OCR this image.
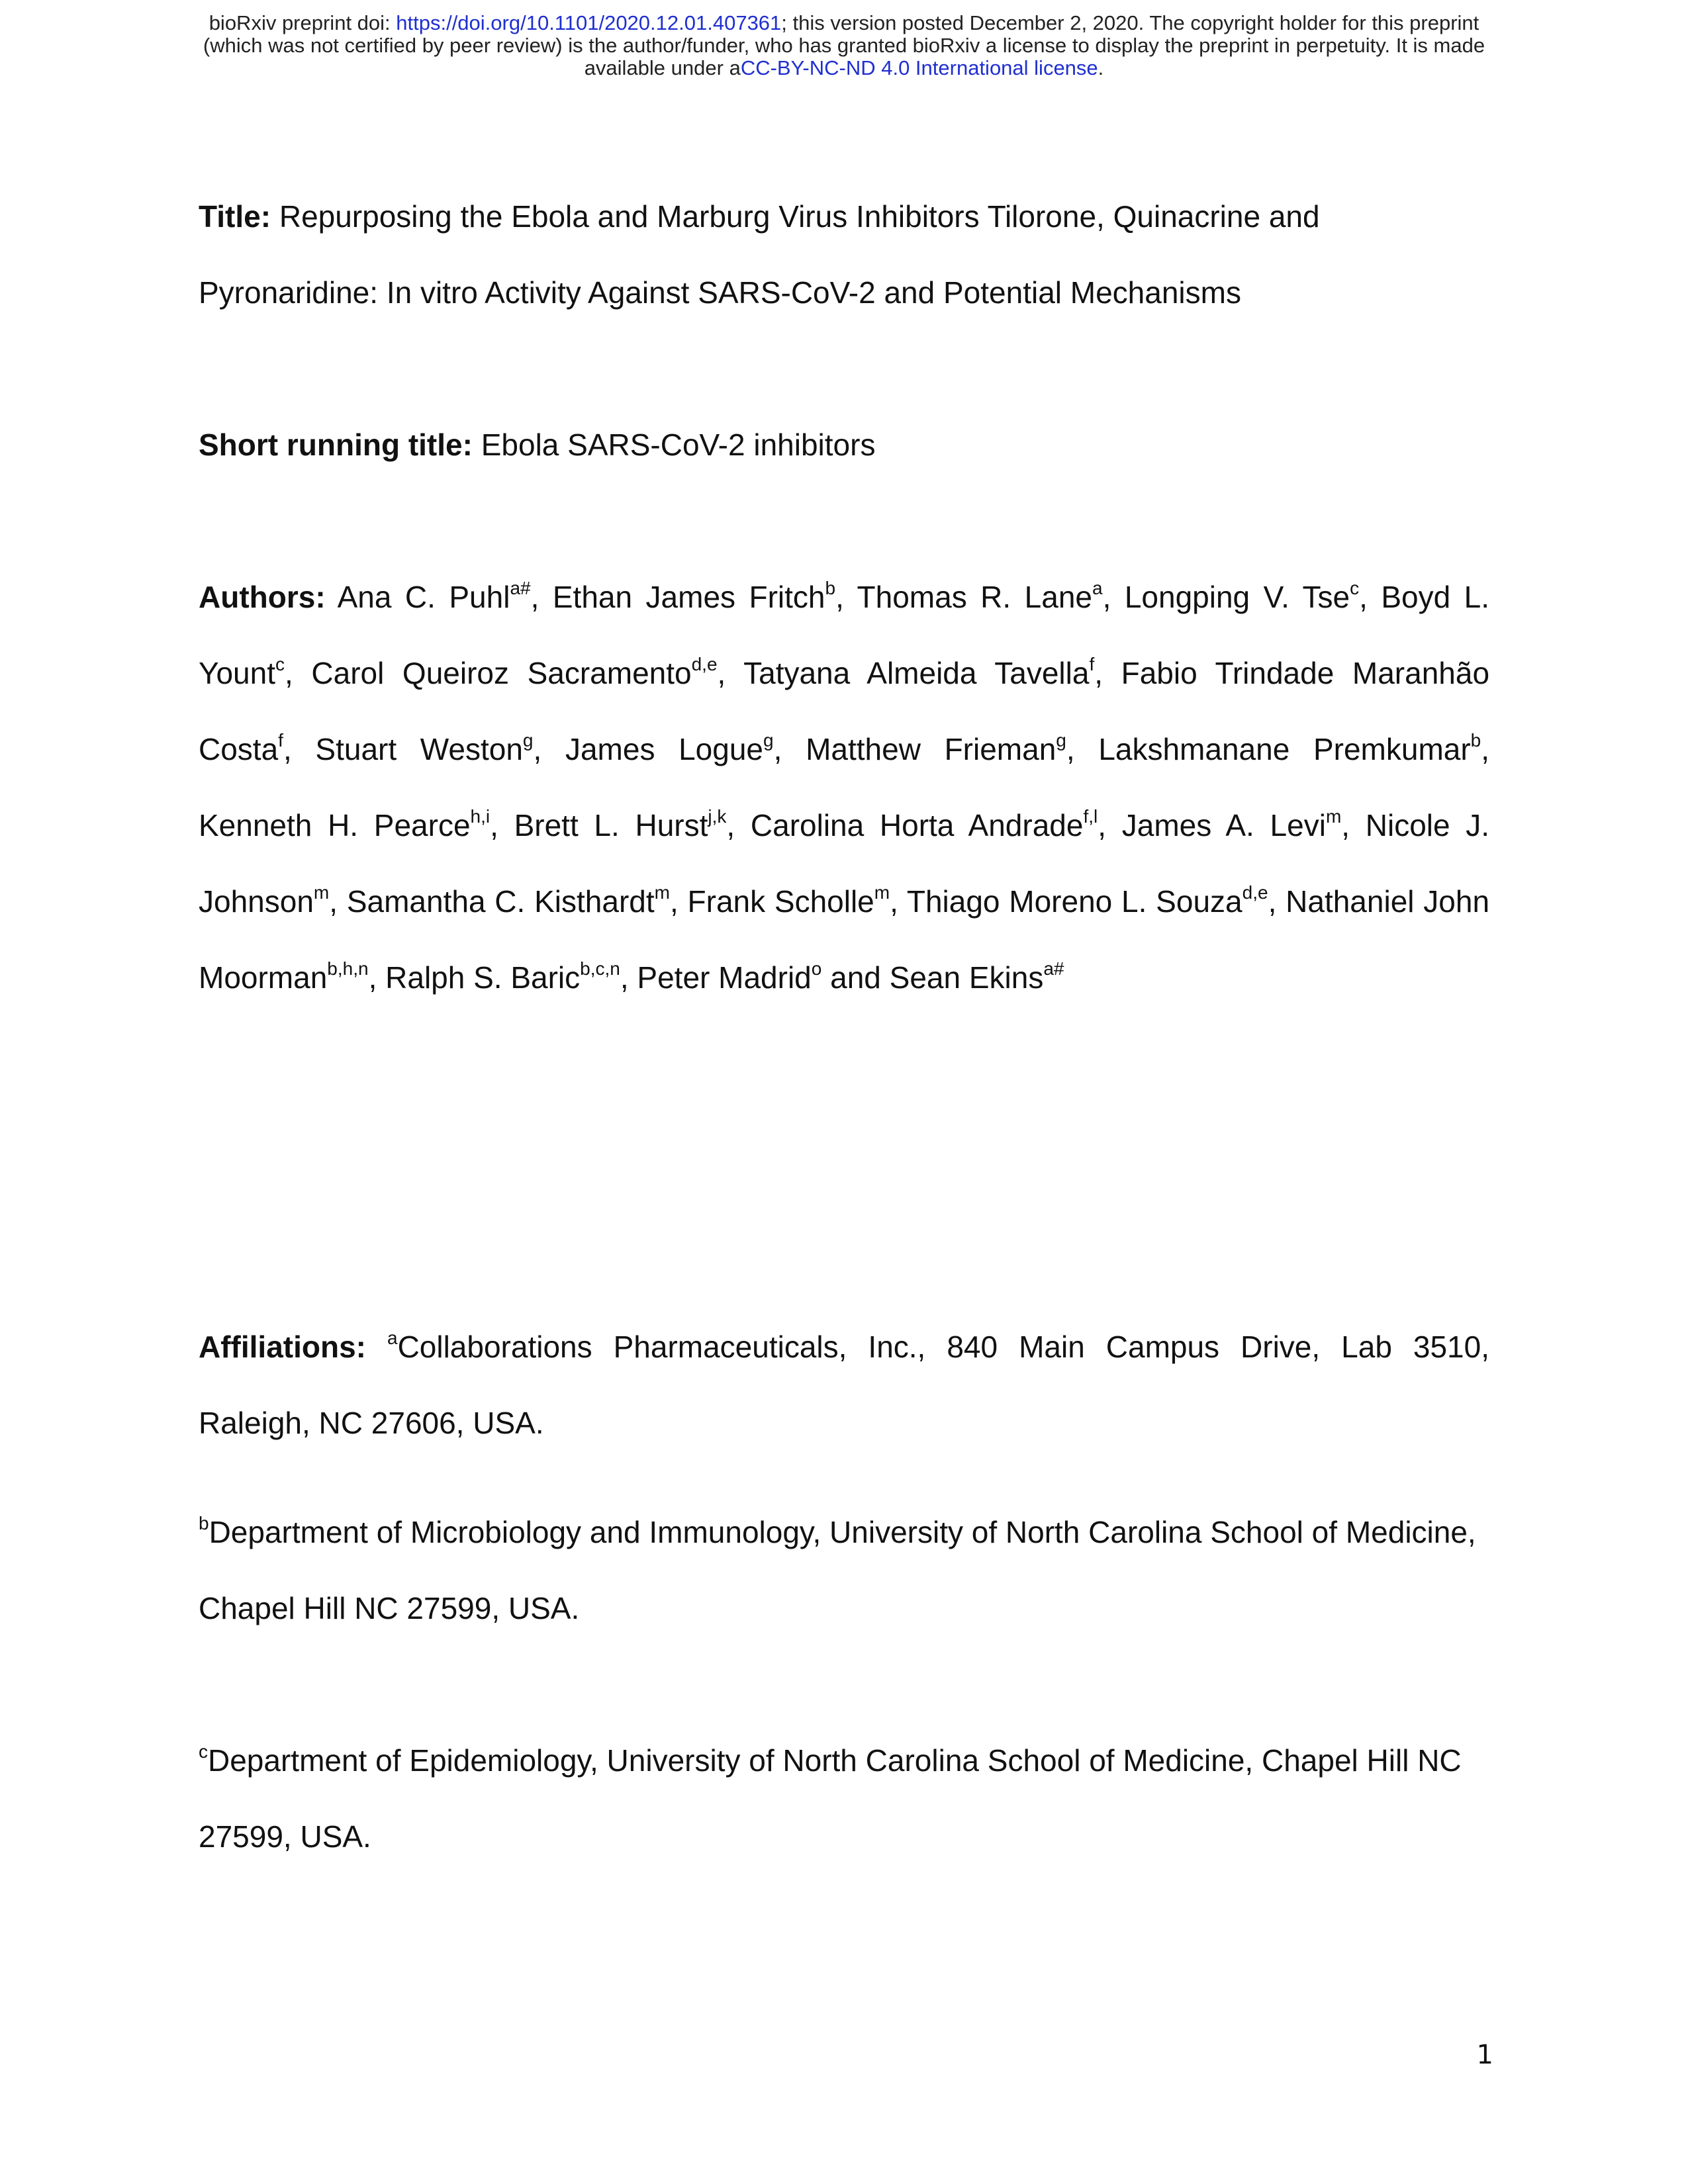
bioRxiv preprint doi: https://doi.org/10.1101/2020.12.01.407361; this version posted December 2, 2020. The copyright holder for this preprint
(which was not certified by peer review) is the author/funder, who has granted bioRxiv a license to display the preprint in perpetuity. It is made
available under aCC-BY-NC-ND 4.0 International license.

Title: Repurposing the Ebola and Marburg Virus Inhibitors Tilorone, Quinacrine and Pyronaridine: In vitro Activity Against SARS-CoV-2 and Potential Mechanisms

Short running title: Ebola SARS-CoV-2 inhibitors

Authors: Ana C. Puhl$^{a\#}$, Ethan James Fritch$^b$, Thomas R. Lane$^a$, Longping V. Tse$^c$, Boyd L. Yount$^c$, Carol Queiroz Sacramento$^{d,e}$, Tatyana Almeida Tavella$^f$, Fabio Trindade Maranhão Costa$^f$, Stuart Weston$^g$, James Logue$^g$, Matthew Frieman$^g$, Lakshmanane Premkumar$^b$, Kenneth H. Pearce$^{h,i}$, Brett L. Hurst$^{j,k}$, Carolina Horta Andrade$^{f,l}$, James A. Levi$^m$, Nicole J. Johnson$^m$, Samantha C. Kisthardt$^m$, Frank Scholle$^m$, Thiago Moreno L. Souza$^{d,e}$, Nathaniel John Moorman$^{b,h,n}$, Ralph S. Baric$^{b,c,n}$, Peter Madrid$^o$ and Sean Ekins$^{a\#}$

Affiliations: $^a$Collaborations Pharmaceuticals, Inc., 840 Main Campus Drive, Lab 3510, Raleigh, NC 27606, USA.

$^b$Department of Microbiology and Immunology, University of North Carolina School of Medicine, Chapel Hill NC 27599, USA.

$^c$Department of Epidemiology, University of North Carolina School of Medicine, Chapel Hill NC 27599, USA.

1
